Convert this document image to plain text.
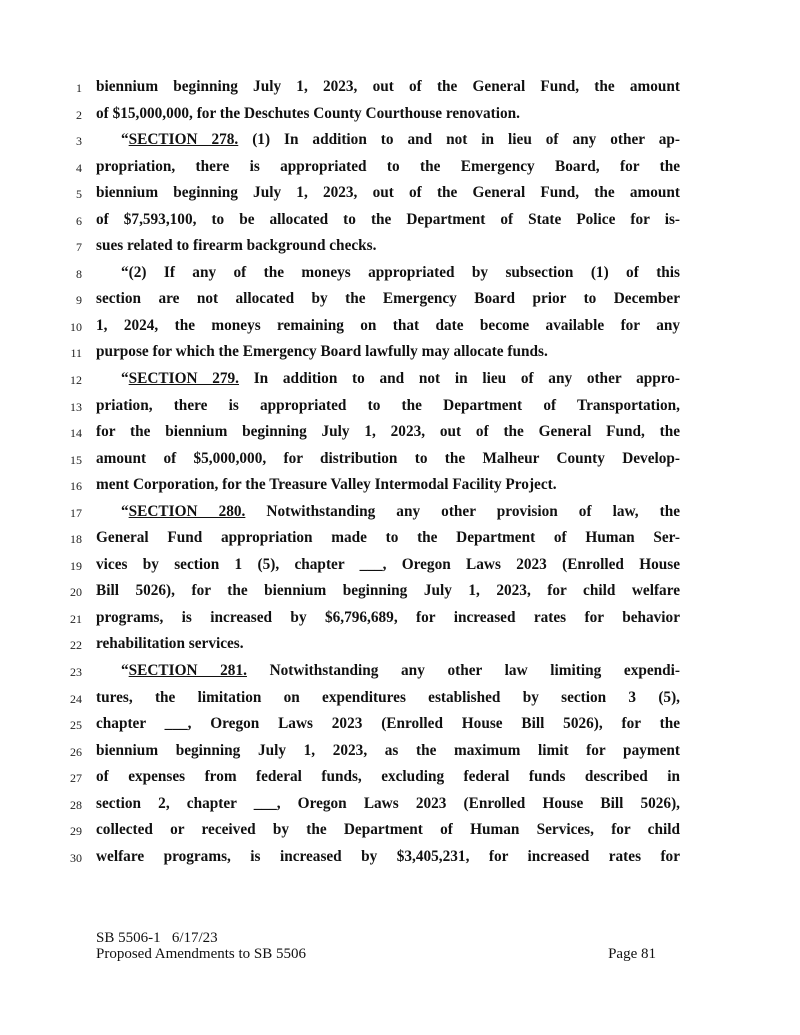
1 biennium beginning July 1, 2023, out of the General Fund, the amount
2 of $15,000,000, for the Deschutes County Courthouse renovation.
3	“SECTION 278. (1) In addition to and not in lieu of any other ap-
4 propriation, there is appropriated to the Emergency Board, for the
5 biennium beginning July 1, 2023, out of the General Fund, the amount
6 of $7,593,100, to be allocated to the Department of State Police for is-
7 sues related to firearm background checks.
8	“(2) If any of the moneys appropriated by subsection (1) of this
9 section are not allocated by the Emergency Board prior to December
10 1, 2024, the moneys remaining on that date become available for any
11 purpose for which the Emergency Board lawfully may allocate funds.
12	“SECTION 279. In addition to and not in lieu of any other appro-
13 priation, there is appropriated to the Department of Transportation,
14 for the biennium beginning July 1, 2023, out of the General Fund, the
15 amount of $5,000,000, for distribution to the Malheur County Develop-
16 ment Corporation, for the Treasure Valley Intermodal Facility Project.
17	“SECTION 280. Notwithstanding any other provision of law, the
18 General Fund appropriation made to the Department of Human Ser-
19 vices by section 1 (5), chapter ___, Oregon Laws 2023 (Enrolled House
20 Bill 5026), for the biennium beginning July 1, 2023, for child welfare
21 programs, is increased by $6,796,689, for increased rates for behavior
22 rehabilitation services.
23	“SECTION 281. Notwithstanding any other law limiting expendi-
24 tures, the limitation on expenditures established by section 3 (5),
25 chapter ___, Oregon Laws 2023 (Enrolled House Bill 5026), for the
26 biennium beginning July 1, 2023, as the maximum limit for payment
27 of expenses from federal funds, excluding federal funds described in
28 section 2, chapter ___, Oregon Laws 2023 (Enrolled House Bill 5026),
29 collected or received by the Department of Human Services, for child
30 welfare programs, is increased by $3,405,231, for increased rates for
SB 5506-1 6/17/23
Proposed Amendments to SB 5506	Page 81
